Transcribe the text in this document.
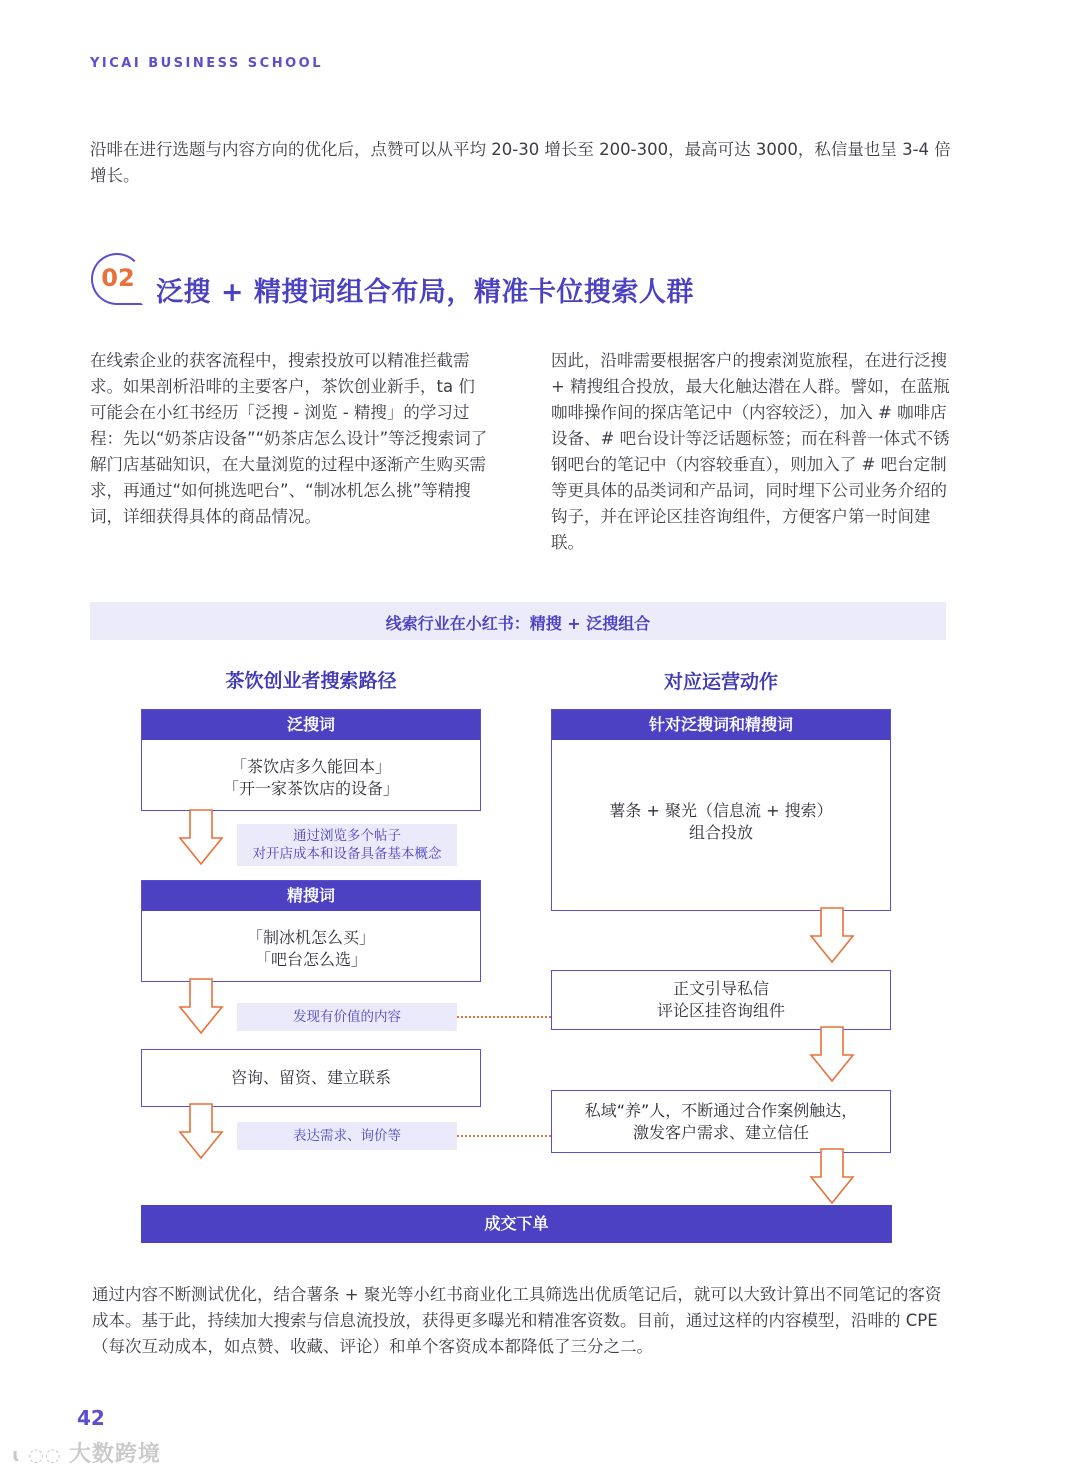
YICAI BUSINESS SCHOOL
沿啡在进行选题与内容方向的优化后，点赞可以从平均 20-30 增长至 200-300，最高可达 3000，私信量也呈 3-4 倍增长。
02 泛搜 + 精搜词组合布局，精准卡位搜索人群
在线索企业的获客流程中，搜索投放可以精准拦截需求。如果剖析沿啡的主要客户，茶饮创业新手，ta 们可能会在小红书经历「泛搜 - 浏览 - 精搜」的学习过程：先以“奶茶店设备”“奶茶店怎么设计”等泛搜索词了解门店基础知识，在大量浏览的过程中逐渐产生购买需求，再通过“如何挑选吧台”、“制冰机怎么挑”等精搜词，详细获得具体的商品情况。
因此，沿啡需要根据客户的搜索浏览旅程，在进行泛搜 + 精搜组合投放，最大化触达潜在人群。譬如，在蓝瓶咖啡操作间的探店笔记中（内容较泛），加入 # 咖啡店设备、# 吧台设计等泛话题标签；而在科普一体式不锈钢吧台的笔记中（内容较垂直），则加入了 # 吧台定制等更具体的品类词和产品词，同时埋下公司业务介绍的钩子，并在评论区挂咨询组件，方便客户第一时间建联。
线索行业在小红书：精搜 + 泛搜组合
茶饮创业者搜索路径	对应运营动作
泛搜词
「茶饮店多久能回本」
「开一家茶饮店的设备」
通过浏览多个帖子
对开店成本和设备具备基本概念
精搜词
「制冰机怎么买」
「吧台怎么选」
发现有价值的内容
咨询、留资、建立联系
表达需求、询价等
针对泛搜词和精搜词
薯条 + 聚光（信息流 + 搜索）
组合投放
正文引导私信
评论区挂咨询组件
私域“养”人，不断通过合作案例触达，
激发客户需求、建立信任
成交下单
通过内容不断测试优化，结合薯条 + 聚光等小红书商业化工具筛选出优质笔记后，就可以大致计算出不同笔记的客资成本。基于此，持续加大搜索与信息流投放，获得更多曝光和精准客资数。目前，通过这样的内容模型，沿啡的 CPE（每次互动成本，如点赞、收藏、评论）和单个客资成本都降低了三分之二。
42
ɩ ◌◌ 大数跨境
